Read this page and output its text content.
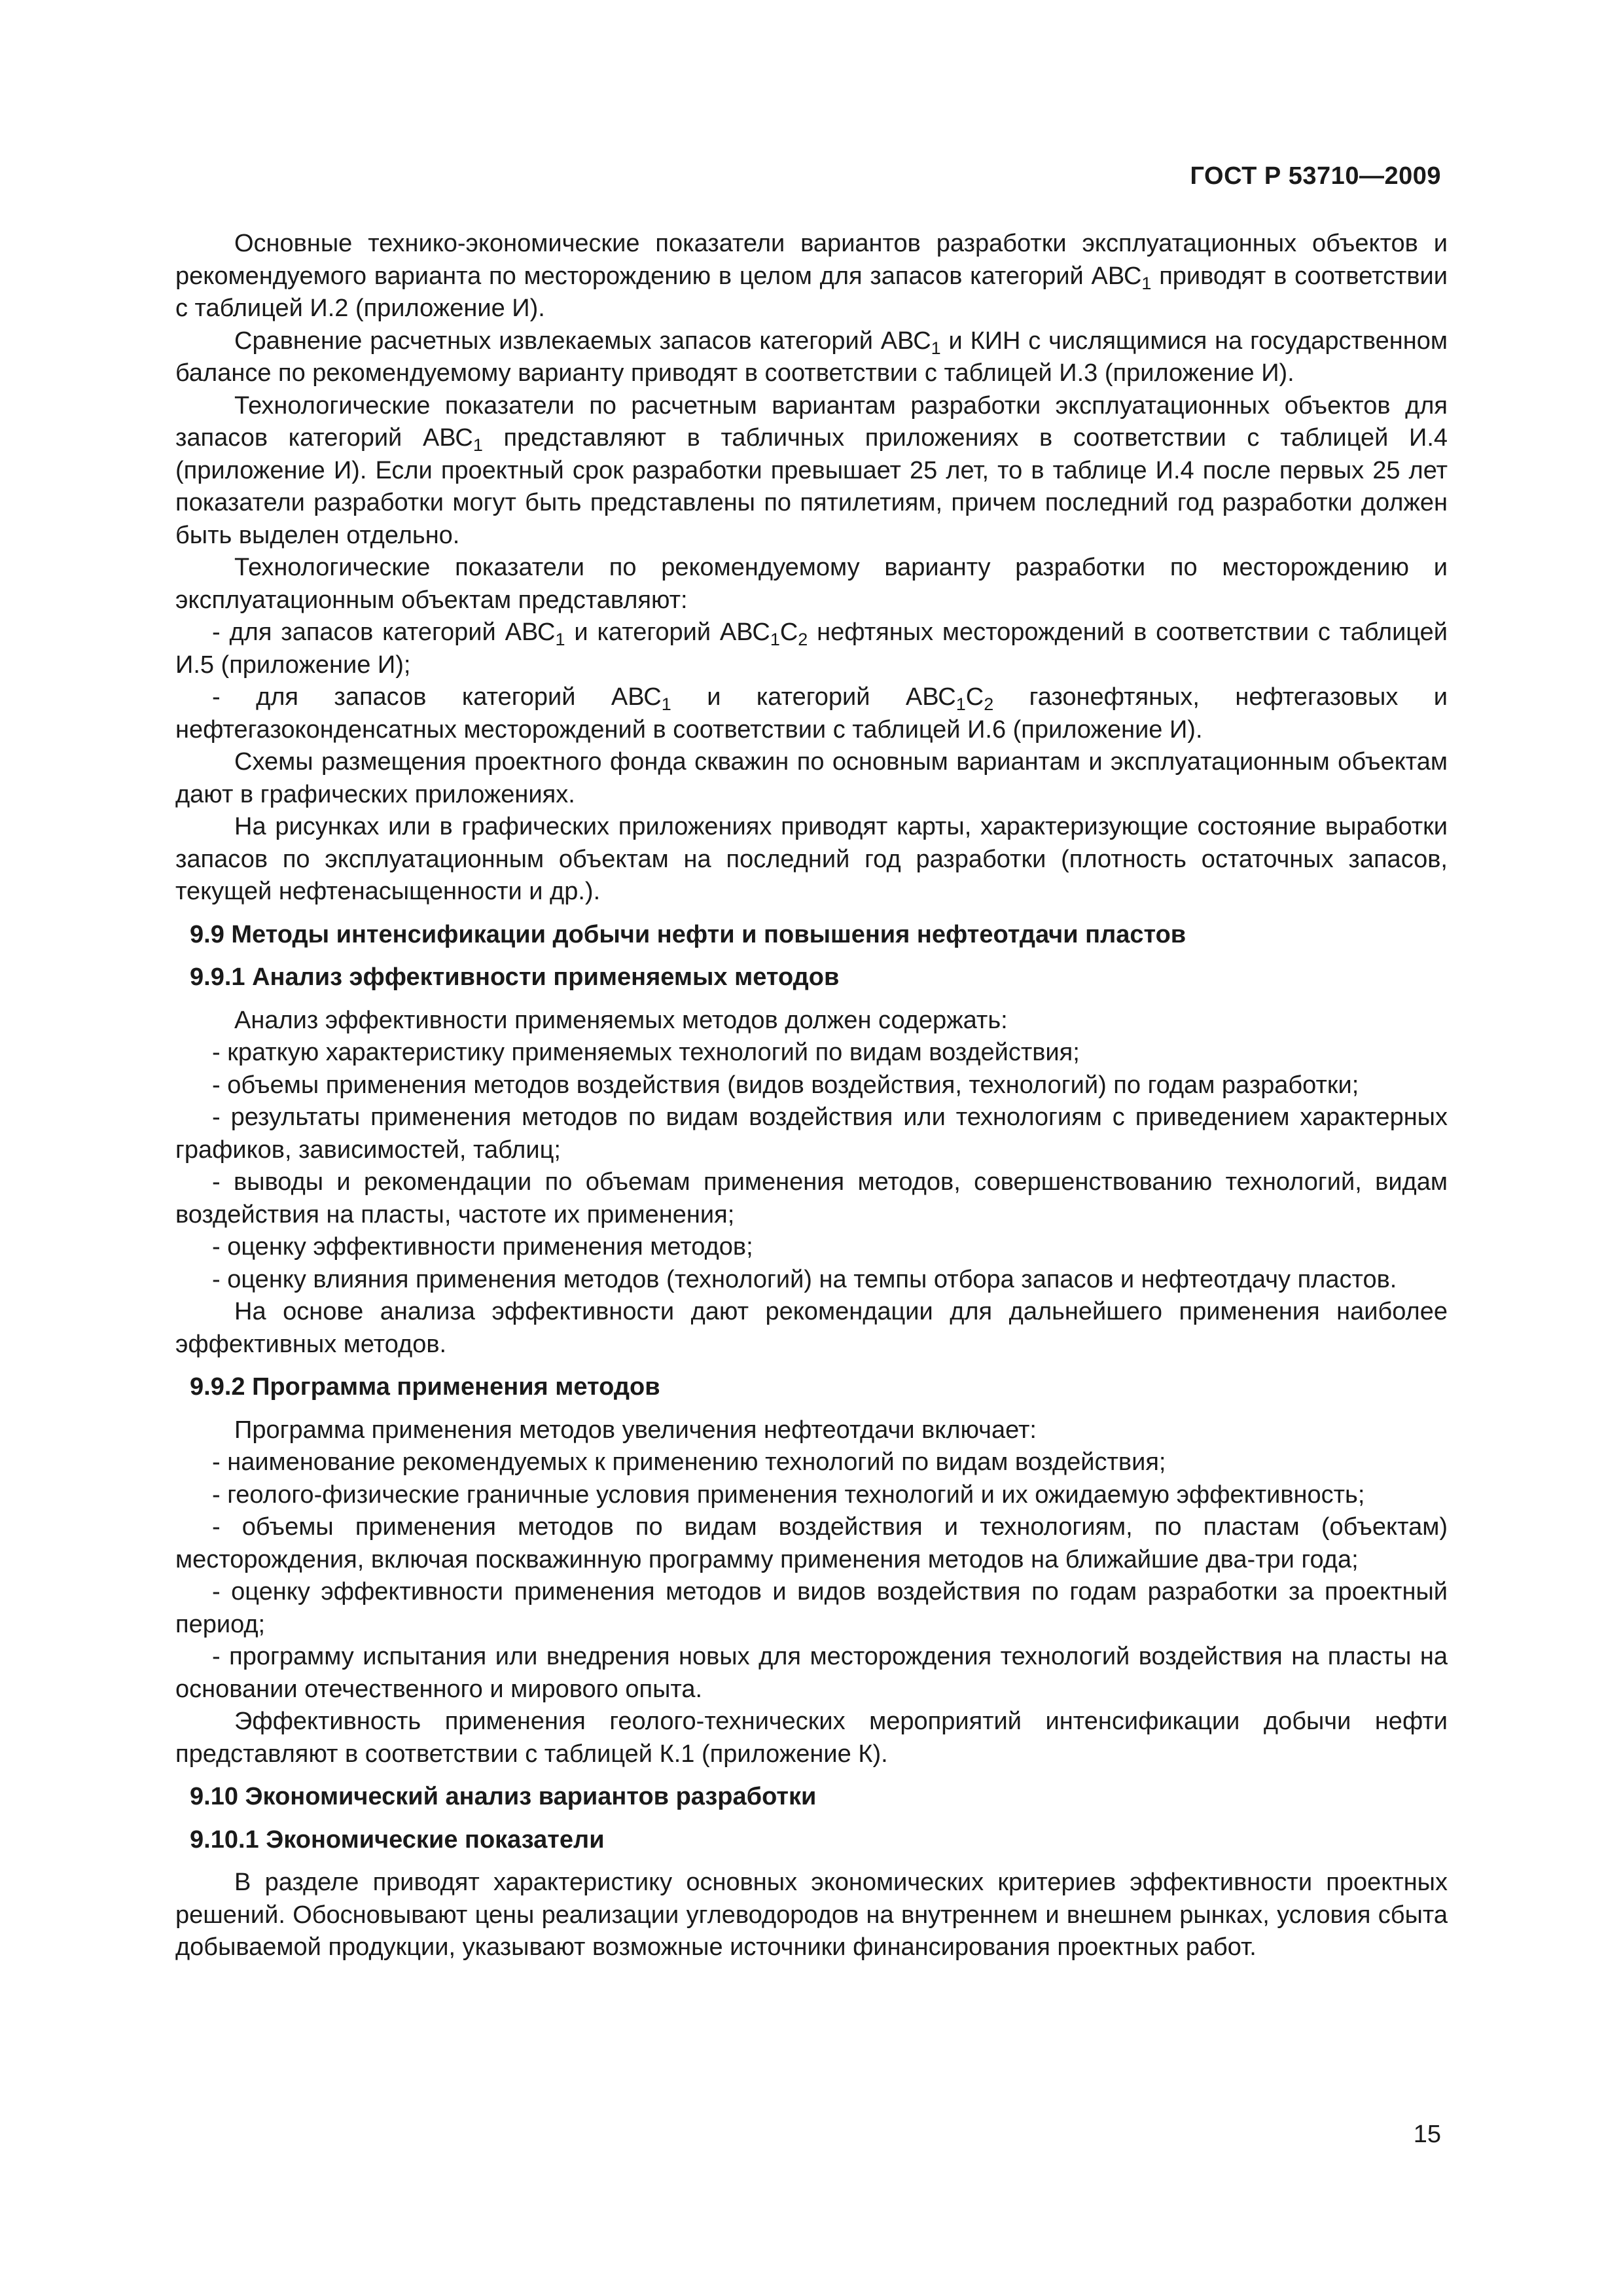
ГОСТ Р 53710—2009

Основные технико-экономические показатели вариантов разработки эксплуатационных объектов и рекомендуемого варианта по месторождению в целом для запасов категорий $АВС_1$ приводят в соответствии с таблицей И.2 (приложение И).

Сравнение расчетных извлекаемых запасов категорий $АВС_1$ и КИН с числящимися на государственном балансе по рекомендуемому варианту приводят в соответствии с таблицей И.3 (приложение И).

Технологические показатели по расчетным вариантам разработки эксплуатационных объектов для запасов категорий $АВС_1$ представляют в табличных приложениях в соответствии с таблицей И.4 (приложение И). Если проектный срок разработки превышает 25 лет, то в таблице И.4 после первых 25 лет показатели разработки могут быть представлены по пятилетиям, причем последний год разработки должен быть выделен отдельно.

Технологические показатели по рекомендуемому варианту разработки по месторождению и эксплуатационным объектам представляют:

- для запасов категорий $АВС_1$ и категорий $АВС_1С_2$ нефтяных месторождений в соответствии с таблицей И.5 (приложение И);

- для запасов категорий $АВС_1$ и категорий $АВС_1С_2$ газонефтяных, нефтегазовых и нефтегазоконденсатных месторождений в соответствии с таблицей И.6 (приложение И).

Схемы размещения проектного фонда скважин по основным вариантам и эксплуатационным объектам дают в графических приложениях.

На рисунках или в графических приложениях приводят карты, характеризующие состояние выработки запасов по эксплуатационным объектам на последний год разработки (плотность остаточных запасов, текущей нефтенасыщенности и др.).

9.9 Методы интенсификации добычи нефти и повышения нефтеотдачи пластов
9.9.1 Анализ эффективности применяемых методов

Анализ эффективности применяемых методов должен содержать:

- краткую характеристику применяемых технологий по видам воздействия;

- объемы применения методов воздействия (видов воздействия, технологий) по годам разработки;

- результаты применения методов по видам воздействия или технологиям с приведением характерных графиков, зависимостей, таблиц;

- выводы и рекомендации по объемам применения методов, совершенствованию технологий, видам воздействия на пласты, частоте их применения;

- оценку эффективности применения методов;

- оценку влияния применения методов (технологий) на темпы отбора запасов и нефтеотдачу пластов.

На основе анализа эффективности дают рекомендации для дальнейшего применения наиболее эффективных методов.

9.9.2 Программа применения методов

Программа применения методов увеличения нефтеотдачи включает:

- наименование рекомендуемых к применению технологий по видам воздействия;

- геолого-физические граничные условия применения технологий и их ожидаемую эффективность;

- объемы применения методов по видам воздействия и технологиям, по пластам (объектам) месторождения, включая поскважинную программу применения методов на ближайшие два-три года;

- оценку эффективности применения методов и видов воздействия по годам разработки за проектный период;

- программу испытания или внедрения новых для месторождения технологий воздействия на пласты на основании отечественного и мирового опыта.

Эффективность применения геолого-технических мероприятий интенсификации добычи нефти представляют в соответствии с таблицей К.1 (приложение К).

9.10 Экономический анализ вариантов разработки
9.10.1 Экономические показатели

В разделе приводят характеристику основных экономических критериев эффективности проектных решений. Обосновывают цены реализации углеводородов на внутреннем и внешнем рынках, условия сбыта добываемой продукции, указывают возможные источники финансирования проектных работ.

15
